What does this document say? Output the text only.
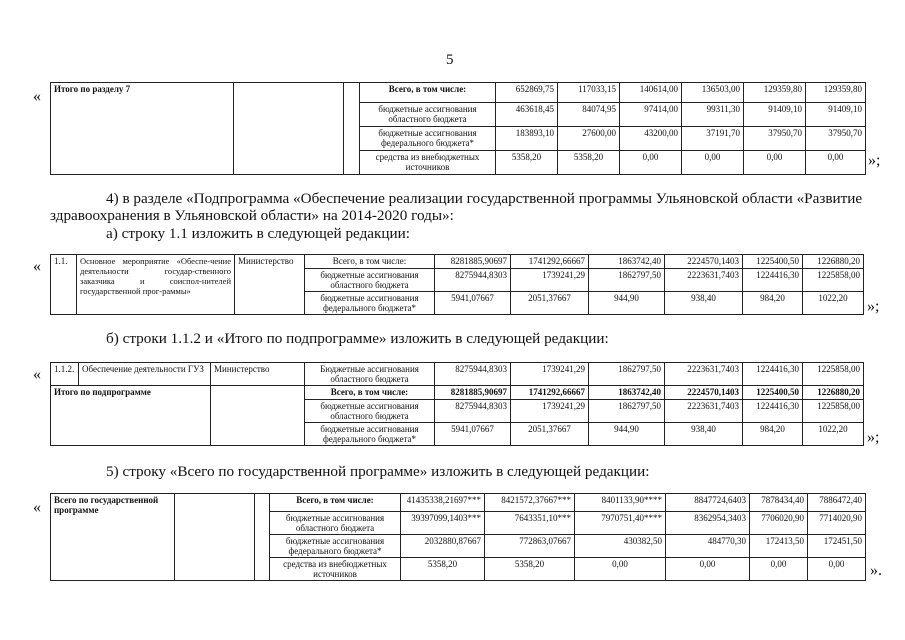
5
« Итого по разделу 7			Всего, в том числе:	652869,75	117033,15	140614,00	136503,00	129359,80	129359,80
			бюджетные ассигнования областного бюджета	463618,45	84074,95	97414,00	99311,30	91409,10	91409,10
			бюджетные ассигнования федерального бюджета*	183893,10	27600,00	43200,00	37191,70	37950,70	37950,70
			средства из внебюджетных источников	5358,20	5358,20	0,00	0,00	0,00	0,00 »;
4) в разделе «Подпрограмма «Обеспечение реализации государственной программы Ульяновской области «Развитие
здравоохранения в Ульяновской области» на 2014-2020 годы»:
а) строку 1.1 изложить в следующей редакции:
« 1.1.	Основное мероприятие «Обеспе-чение деятельности государ-ственного заказчика и соиспол-нителей государственной прог-раммы»	Министерство	Всего, в том числе:	8281885,90697	1741292,66667	1863742,40	2224570,1403	1225400,50	1226880,20
			бюджетные ассигнования областного бюджета	8275944,8303	1739241,29	1862797,50	2223631,7403	1224416,30	1225858,00
			бюджетные ассигнования федерального бюджета*	5941,07667	2051,37667	944,90	938,40	984,20	1022,20 »;
б) строки 1.1.2 и «Итого по подпрограмме» изложить в следующей редакции:
« 1.1.2.	Обеспечение деятельности ГУЗ	Министерство	Бюджетные ассигнования областного бюджета	8275944,8303	1739241,29	1862797,50	2223631,7403	1224416,30	1225858,00
Итого по подпрограмме			Всего, в том числе:	8281885,90697	1741292,66667	1863742,40	2224570,1403	1225400,50	1226880,20
			бюджетные ассигнования областного бюджета	8275944,8303	1739241,29	1862797,50	2223631,7403	1224416,30	1225858,00
			бюджетные ассигнования федерального бюджета*	5941,07667	2051,37667	944,90	938,40	984,20	1022,20 »;
5) строку «Всего по государственной программе» изложить в следующей редакции:
« Всего по государственной программе			Всего, в том числе:	41435338,21697***	8421572,37667***	8401133,90****	8847724,6403	7878434,40	7886472,40
			бюджетные ассигнования областного бюджета	39397099,1403***	7643351,10***	7970751,40****	8362954,3403	7706020,90	7714020,90
			бюджетные ассигнования федерального бюджета*	2032880,87667	772863,07667	430382,50	484770,30	172413,50	172451,50
			средства из внебюджетных источников	5358,20	5358,20	0,00	0,00	0,00	0,00 ».
